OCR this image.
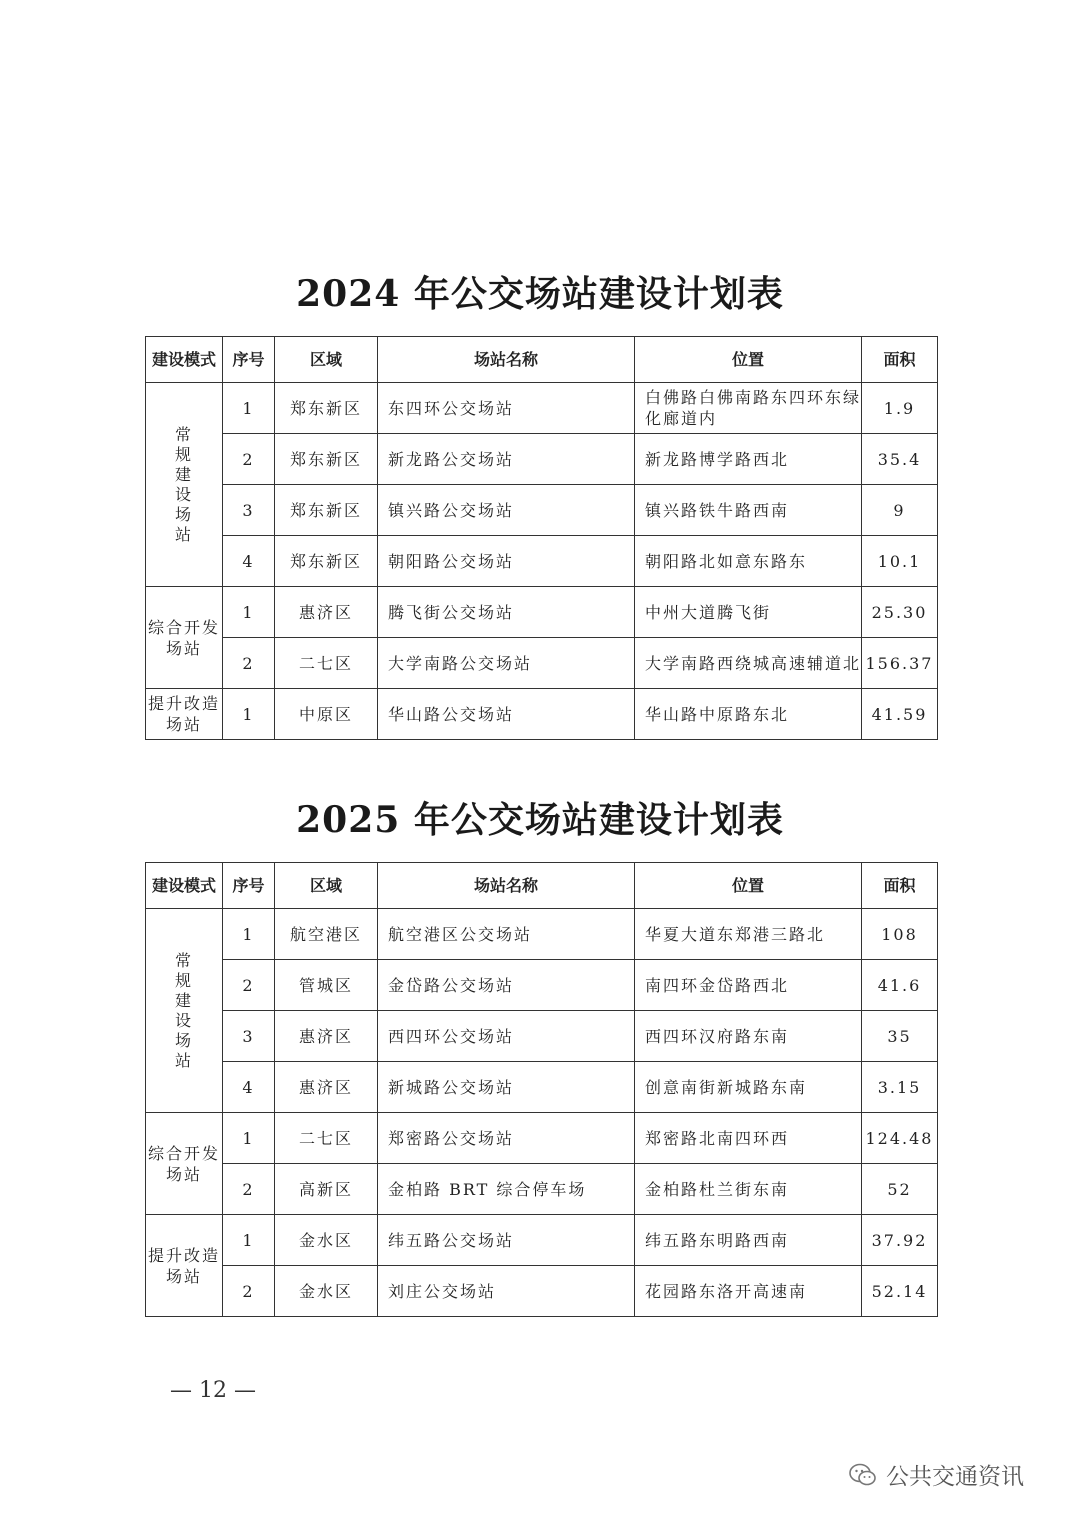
2024 年公交场站建设计划表
建设模式	序号	区域	场站名称	位置	面积
常规建设场站	1	郑东新区	东四环公交场站	白佛路白佛南路东四环东绿化廊道内	1.9
	2	郑东新区	新龙路公交场站	新龙路博学路西北	35.4
	3	郑东新区	镇兴路公交场站	镇兴路铁牛路西南	9
	4	郑东新区	朝阳路公交场站	朝阳路北如意东路东	10.1
综合开发场站	1	惠济区	腾飞街公交场站	中州大道腾飞街	25.30
	2	二七区	大学南路公交场站	大学南路西绕城高速辅道北	156.37
提升改造场站	1	中原区	华山路公交场站	华山路中原路东北	41.59
2025 年公交场站建设计划表
建设模式	序号	区域	场站名称	位置	面积
常规建设场站	1	航空港区	航空港区公交场站	华夏大道东郑港三路北	108
	2	管城区	金岱路公交场站	南四环金岱路西北	41.6
	3	惠济区	西四环公交场站	西四环汉府路东南	35
	4	惠济区	新城路公交场站	创意南街新城路东南	3.15
综合开发场站	1	二七区	郑密路公交场站	郑密路北南四环西	124.48
	2	高新区	金柏路 BRT 综合停车场	金柏路杜兰街东南	52
提升改造场站	1	金水区	纬五路公交场站	纬五路东明路西南	37.92
	2	金水区	刘庄公交场站	花园路东洛开高速南	52.14
— 12 —
公共交通资讯
